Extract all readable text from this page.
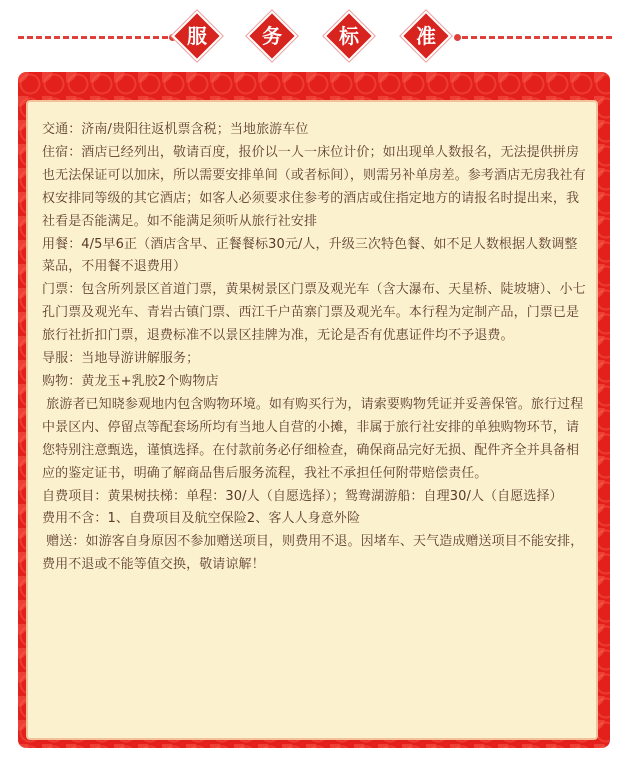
服	务	标	准

交通：济南/贵阳往返机票含税；当地旅游车位

住宿：酒店已经列出，敬请百度，报价以一人一床位计价；如出现单人数报名，无法提供拼房也无法保证可以加床，所以需要安排单间（或者标间），则需另补单房差。参考酒店无房我社有权安排同等级的其它酒店；如客人必须要求住参考的酒店或住指定地方的请报名时提出来，我社看是否能满足。如不能满足须听从旅行社安排

用餐：4/5早6正（酒店含早、正餐餐标30元/人，升级三次特色餐、如不足人数根据人数调整菜品，不用餐不退费用）

门票：包含所列景区首道门票，黄果树景区门票及观光车（含大瀑布、天星桥、陡坡塘）、小七孔门票及观光车、青岩古镇门票、西江千户苗寨门票及观光车。本行程为定制产品，门票已是旅行社折扣门票，退费标准不以景区挂牌为准，无论是否有优惠证件均不予退费。

导服：当地导游讲解服务；

购物：黄龙玉+乳胶2个购物店

旅游者已知晓参观地内包含购物环境。如有购买行为，请索要购物凭证并妥善保管。旅行过程中景区内、停留点等配套场所均有当地人自营的小摊，非属于旅行社安排的单独购物环节，请您特别注意甄选，谨慎选择。在付款前务必仔细检查，确保商品完好无损、配件齐全并具备相应的鉴定证书，明确了解商品售后服务流程，我社不承担任何附带赔偿责任。

自费项目：黄果树扶梯：单程：30/人（自愿选择）；鸳鸯湖游船：自理30/人（自愿选择）

费用不含：1、自费项目及航空保险2、客人人身意外险

赠送：如游客自身原因不参加赠送项目，则费用不退。因堵车、天气造成赠送项目不能安排，费用不退或不能等值交换，敬请谅解！
